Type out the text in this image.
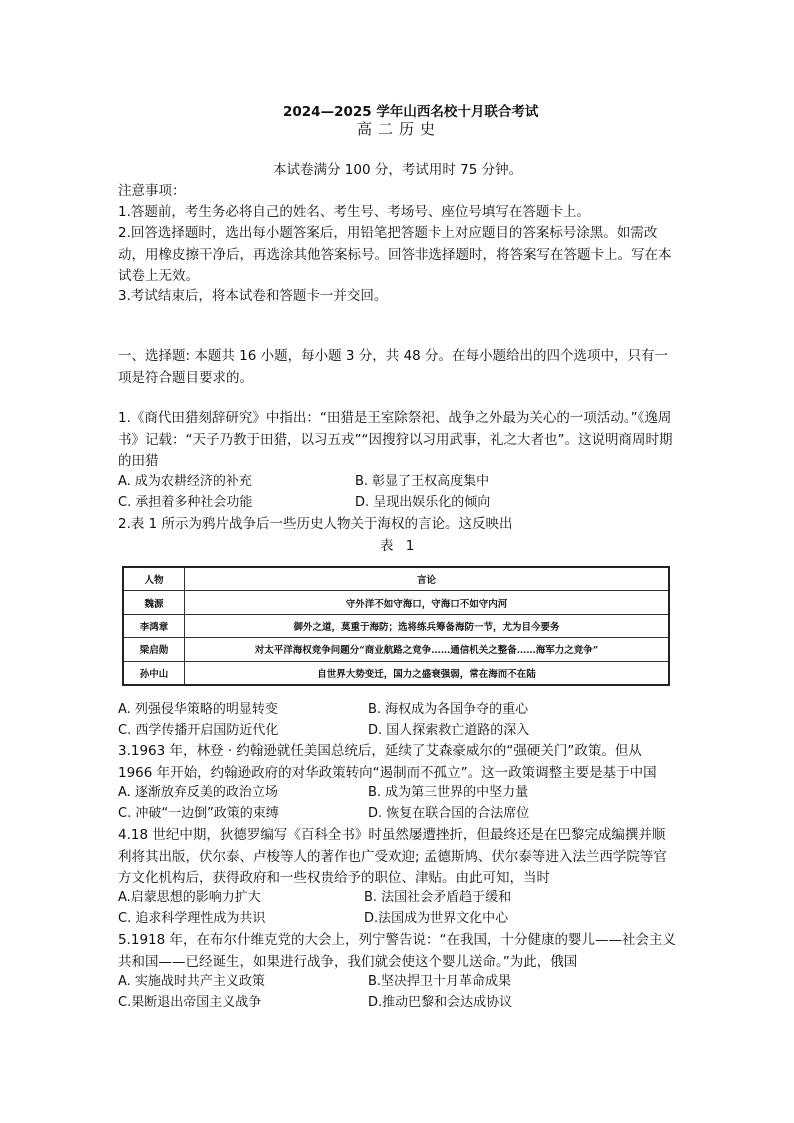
2024—2025 学年山西名校十月联合考试
高二历史
本试卷满分 100 分，考试用时 75 分钟。
注意事项：
1.答题前，考生务必将自己的姓名、考生号、考场号、座位号填写在答题卡上。
2.回答选择题时，选出每小题答案后，用铅笔把答题卡上对应题目的答案标号涂黑。如需改动，用橡皮擦干净后，再选涂其他答案标号。回答非选择题时，将答案写在答题卡上。写在本试卷上无效。
3.考试结束后，将本试卷和答题卡一并交回。
一、选择题: 本题共 16 小题，每小题 3 分，共 48 分。在每小题给出的四个选项中，只有一项是符合题目要求的。
1.《商代田猎刻辞研究》中指出：“田猎是王室除祭祀、战争之外最为关心的一项活动。”《逸周书》记载：“天子乃教于田猎，以习五戎”“因搜狩以习用武事，礼之大者也”。这说明商周时期的田猎
A. 成为农耕经济的补充	B. 彰显了王权高度集中
C. 承担着多种社会功能	D. 呈现出娱乐化的倾向
2.表 1 所示为鸦片战争后一些历史人物关于海权的言论。这反映出
表 1
人物	言论
魏源	守外洋不如守海口，守海口不如守内河
李鸿章	御外之道，莫重于海防；选将练兵筹备海防一节，尤为目今要务
梁启勋	对太平洋海权竞争问题分“商业航路之竞争……通信机关之整备……海军力之竞争”
孙中山	自世界大势变迁，国力之盛衰强弱，常在海而不在陆
A. 列强侵华策略的明显转变	B. 海权成为各国争夺的重心
C. 西学传播开启国防近代化	D. 国人探索救亡道路的深入
3.1963 年，林登 · 约翰逊就任美国总统后，延续了艾森豪威尔的“强硬关门”政策。但从 1966 年开始，约翰逊政府的对华政策转向“遏制而不孤立”。这一政策调整主要是基于中国
A. 逐渐放弃反美的政治立场	B. 成为第三世界的中坚力量
C. 冲破“一边倒”政策的束缚	D. 恢复在联合国的合法席位
4.18 世纪中期，狄德罗编写《百科全书》时虽然屡遭挫折，但最终还是在巴黎完成编撰并顺利将其出版，伏尔泰、卢梭等人的著作也广受欢迎; 孟德斯鸠、伏尔泰等进入法兰西学院等官方文化机构后，获得政府和一些权贵给予的职位、津贴。由此可知，当时
A.启蒙思想的影响力扩大	B. 法国社会矛盾趋于缓和
C. 追求科学理性成为共识	D.法国成为世界文化中心
5.1918 年，在布尔什维克党的大会上，列宁警告说：“在我国，十分健康的婴儿——社会主义共和国——已经诞生，如果进行战争，我们就会使这个婴儿送命。”为此，俄国
A. 实施战时共产主义政策	B.坚决捍卫十月革命成果
C.果断退出帝国主义战争	D.推动巴黎和会达成协议
